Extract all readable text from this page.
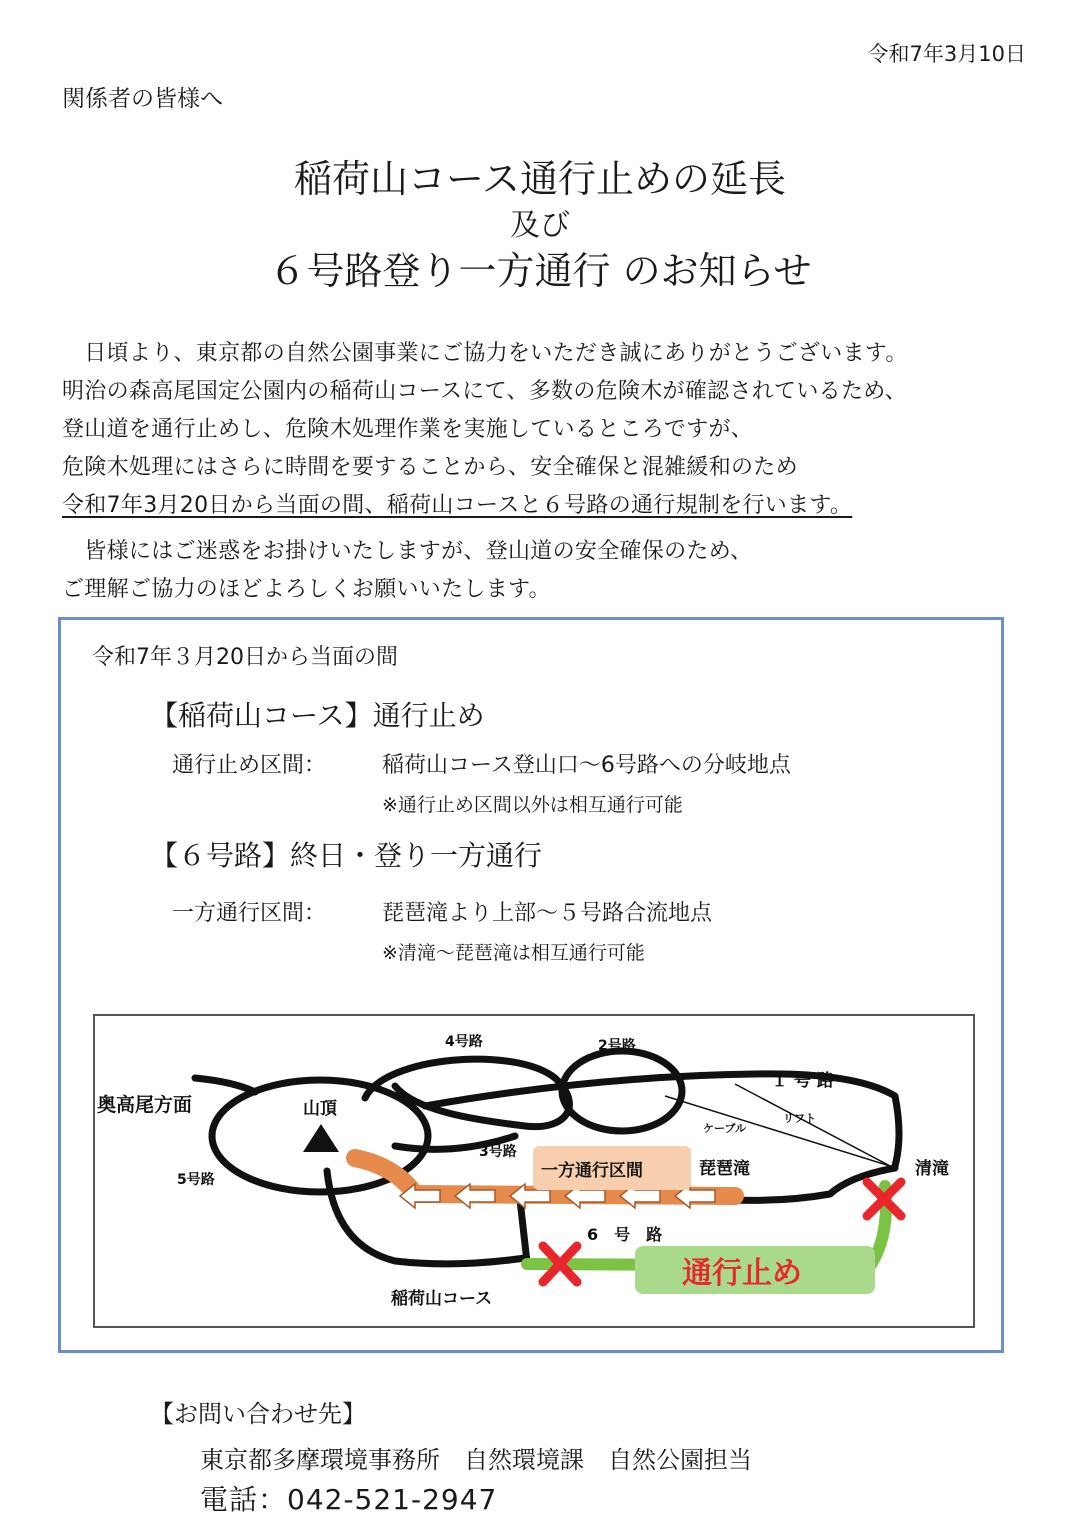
令和7年3月10日
関係者の皆様へ
稲荷山コース通行止めの延長
及び
６号路登り一方通行 のお知らせ
　日頃より、東京都の自然公園事業にご協力をいただき誠にありがとうございます。
明治の森高尾国定公園内の稲荷山コースにて、多数の危険木が確認されているため、
登山道を通行止めし、危険木処理作業を実施しているところですが、
危険木処理にはさらに時間を要することから、安全確保と混雑緩和のため
令和7年3月20日から当面の間、稲荷山コースと６号路の通行規制を行います。
　皆様にはご迷惑をお掛けいたしますが、登山道の安全確保のため、
ご理解ご協力のほどよろしくお願いいたします。
令和7年３月20日から当面の間
【稲荷山コース】通行止め
通行止め区間：	稲荷山コース登山口〜6号路への分岐地点
※通行止め区間以外は相互通行可能
【６号路】終日・登り一方通行
一方通行区間：	琵琶滝より上部〜５号路合流地点
※清滝〜琵琶滝は相互通行可能
奥高尾方面	山頂
5号路
4号路	2号路
１ 号 路
3号路
ケーブル
リフト
清滝
琵琶滝
一方通行区間
6　号　路
稲荷山コース
通行止め
【お問い合わせ先】
東京都多摩環境事務所　自然環境課　自然公園担当
電話：042-521-2947
